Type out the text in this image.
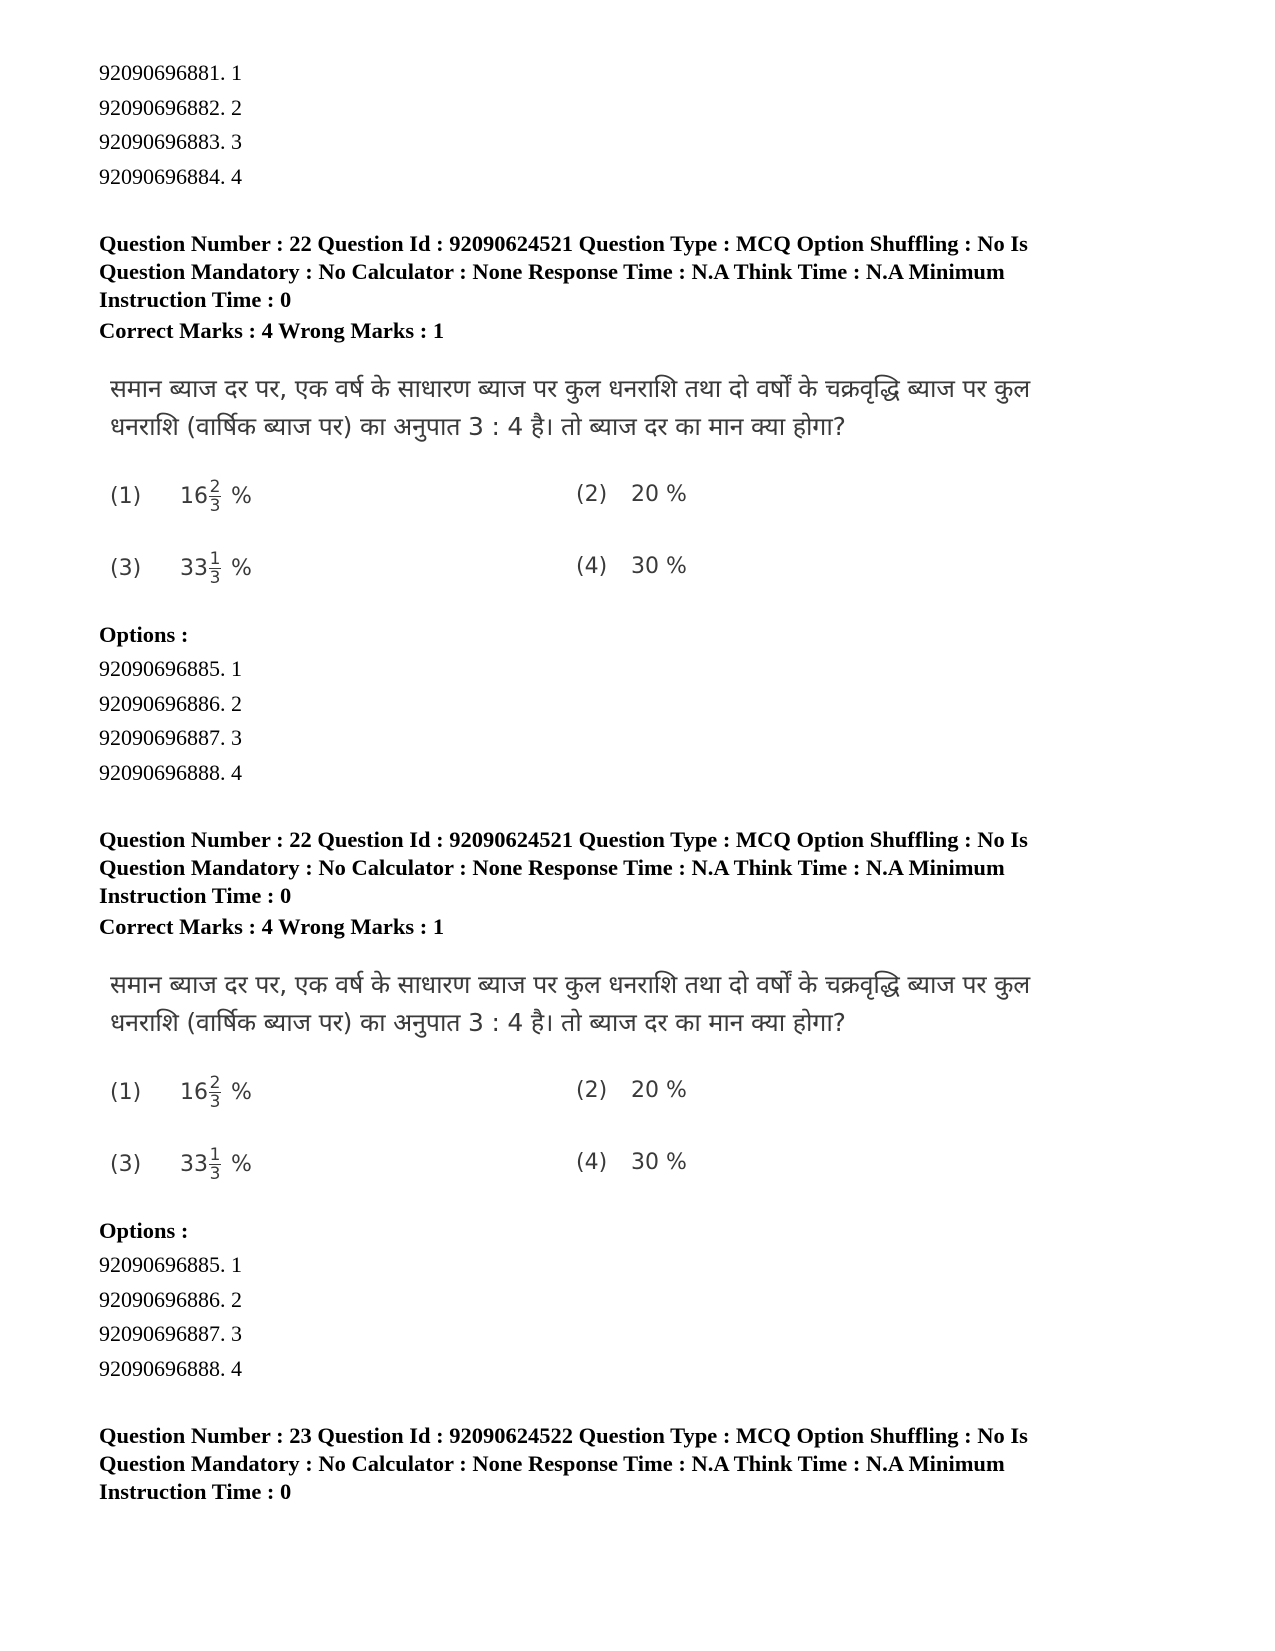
92090696881. 1
92090696882. 2
92090696883. 3
92090696884. 4
Question Number : 22 Question Id : 92090624521 Question Type : MCQ Option Shuffling : No Is
Question Mandatory : No Calculator : None Response Time : N.A Think Time : N.A Minimum
Instruction Time : 0
Correct Marks : 4 Wrong Marks : 1
समान ब्याज दर पर, एक वर्ष के साधारण ब्याज पर कुल धनराशि तथा दो वर्षों के चक्रवृद्धि ब्याज पर कुल
धनराशि (वार्षिक ब्याज पर) का अनुपात 3 : 4 है। तो ब्याज दर का मान क्या होगा?
(1)	16 2
3 %	(2)	20 %
(3)	33 1
3 %	(4)	30 %
Options :
92090696885. 1
92090696886. 2
92090696887. 3
92090696888. 4
Question Number : 22 Question Id : 92090624521 Question Type : MCQ Option Shuffling : No Is
Question Mandatory : No Calculator : None Response Time : N.A Think Time : N.A Minimum
Instruction Time : 0
Correct Marks : 4 Wrong Marks : 1
समान ब्याज दर पर, एक वर्ष के साधारण ब्याज पर कुल धनराशि तथा दो वर्षों के चक्रवृद्धि ब्याज पर कुल
धनराशि (वार्षिक ब्याज पर) का अनुपात 3 : 4 है। तो ब्याज दर का मान क्या होगा?
(1)	16 2
3 %	(2)	20 %
(3)	33 1
3 %	(4)	30 %
Options :
92090696885. 1
92090696886. 2
92090696887. 3
92090696888. 4
Question Number : 23 Question Id : 92090624522 Question Type : MCQ Option Shuffling : No Is
Question Mandatory : No Calculator : None Response Time : N.A Think Time : N.A Minimum
Instruction Time : 0
